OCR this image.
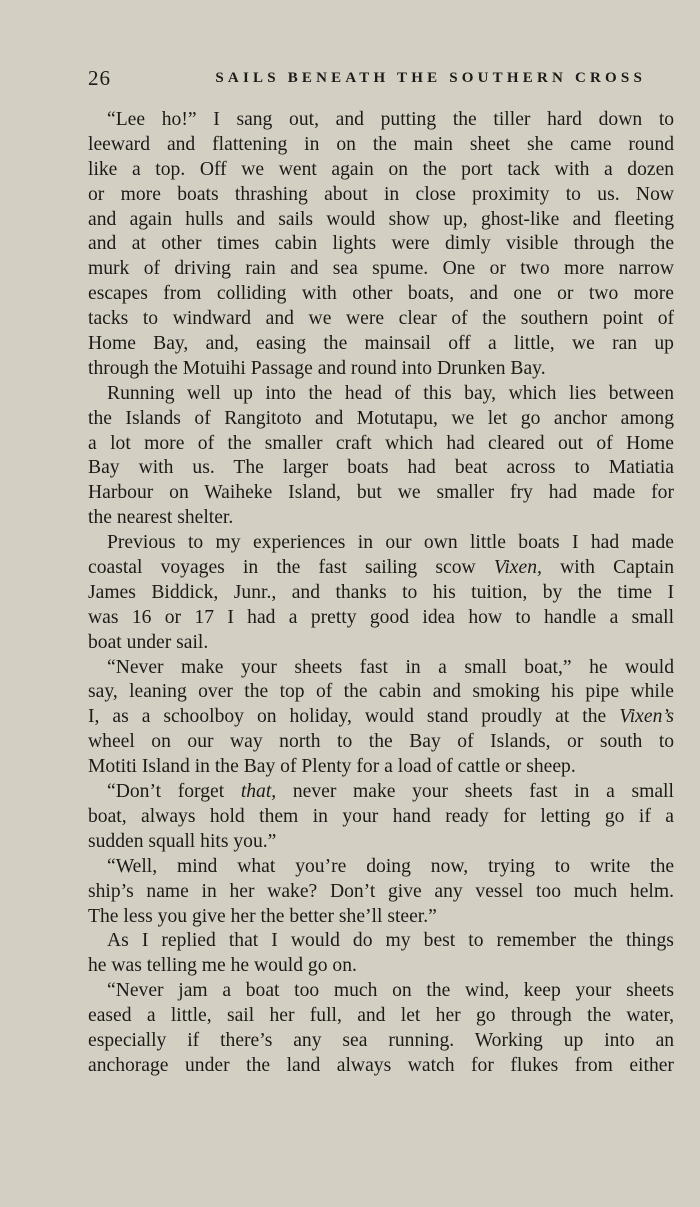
26	SAILS BENEATH THE SOUTHERN CROSS
“Lee ho!” I sang out, and putting the tiller hard down to
leeward and flattening in on the main sheet she came round
like a top. Off we went again on the port tack with a dozen
or more boats thrashing about in close proximity to us. Now
and again hulls and sails would show up, ghost-like and fleeting
and at other times cabin lights were dimly visible through the
murk of driving rain and sea spume. One or two more narrow
escapes from colliding with other boats, and one or two more
tacks to windward and we were clear of the southern point of
Home Bay, and, easing the mainsail off a little, we ran up
through the Motuihi Passage and round into Drunken Bay.
Running well up into the head of this bay, which lies between
the Islands of Rangitoto and Motutapu, we let go anchor among
a lot more of the smaller craft which had cleared out of Home
Bay with us. The larger boats had beat across to Matiatia
Harbour on Waiheke Island, but we smaller fry had made for
the nearest shelter.
Previous to my experiences in our own little boats I had made
coastal voyages in the fast sailing scow Vixen, with Captain
James Biddick, Junr., and thanks to his tuition, by the time I
was 16 or 17 I had a pretty good idea how to handle a small
boat under sail.
“Never make your sheets fast in a small boat,” he would
say, leaning over the top of the cabin and smoking his pipe while
I, as a schoolboy on holiday, would stand proudly at the Vixen’s
wheel on our way north to the Bay of Islands, or south to
Motiti Island in the Bay of Plenty for a load of cattle or sheep.
“Don’t forget that, never make your sheets fast in a small
boat, always hold them in your hand ready for letting go if a
sudden squall hits you.”
“Well, mind what you’re doing now, trying to write the
ship’s name in her wake? Don’t give any vessel too much helm.
The less you give her the better she’ll steer.”
As I replied that I would do my best to remember the things
he was telling me he would go on.
“Never jam a boat too much on the wind, keep your sheets
eased a little, sail her full, and let her go through the water,
especially if there’s any sea running. Working up into an
anchorage under the land always watch for flukes from either
